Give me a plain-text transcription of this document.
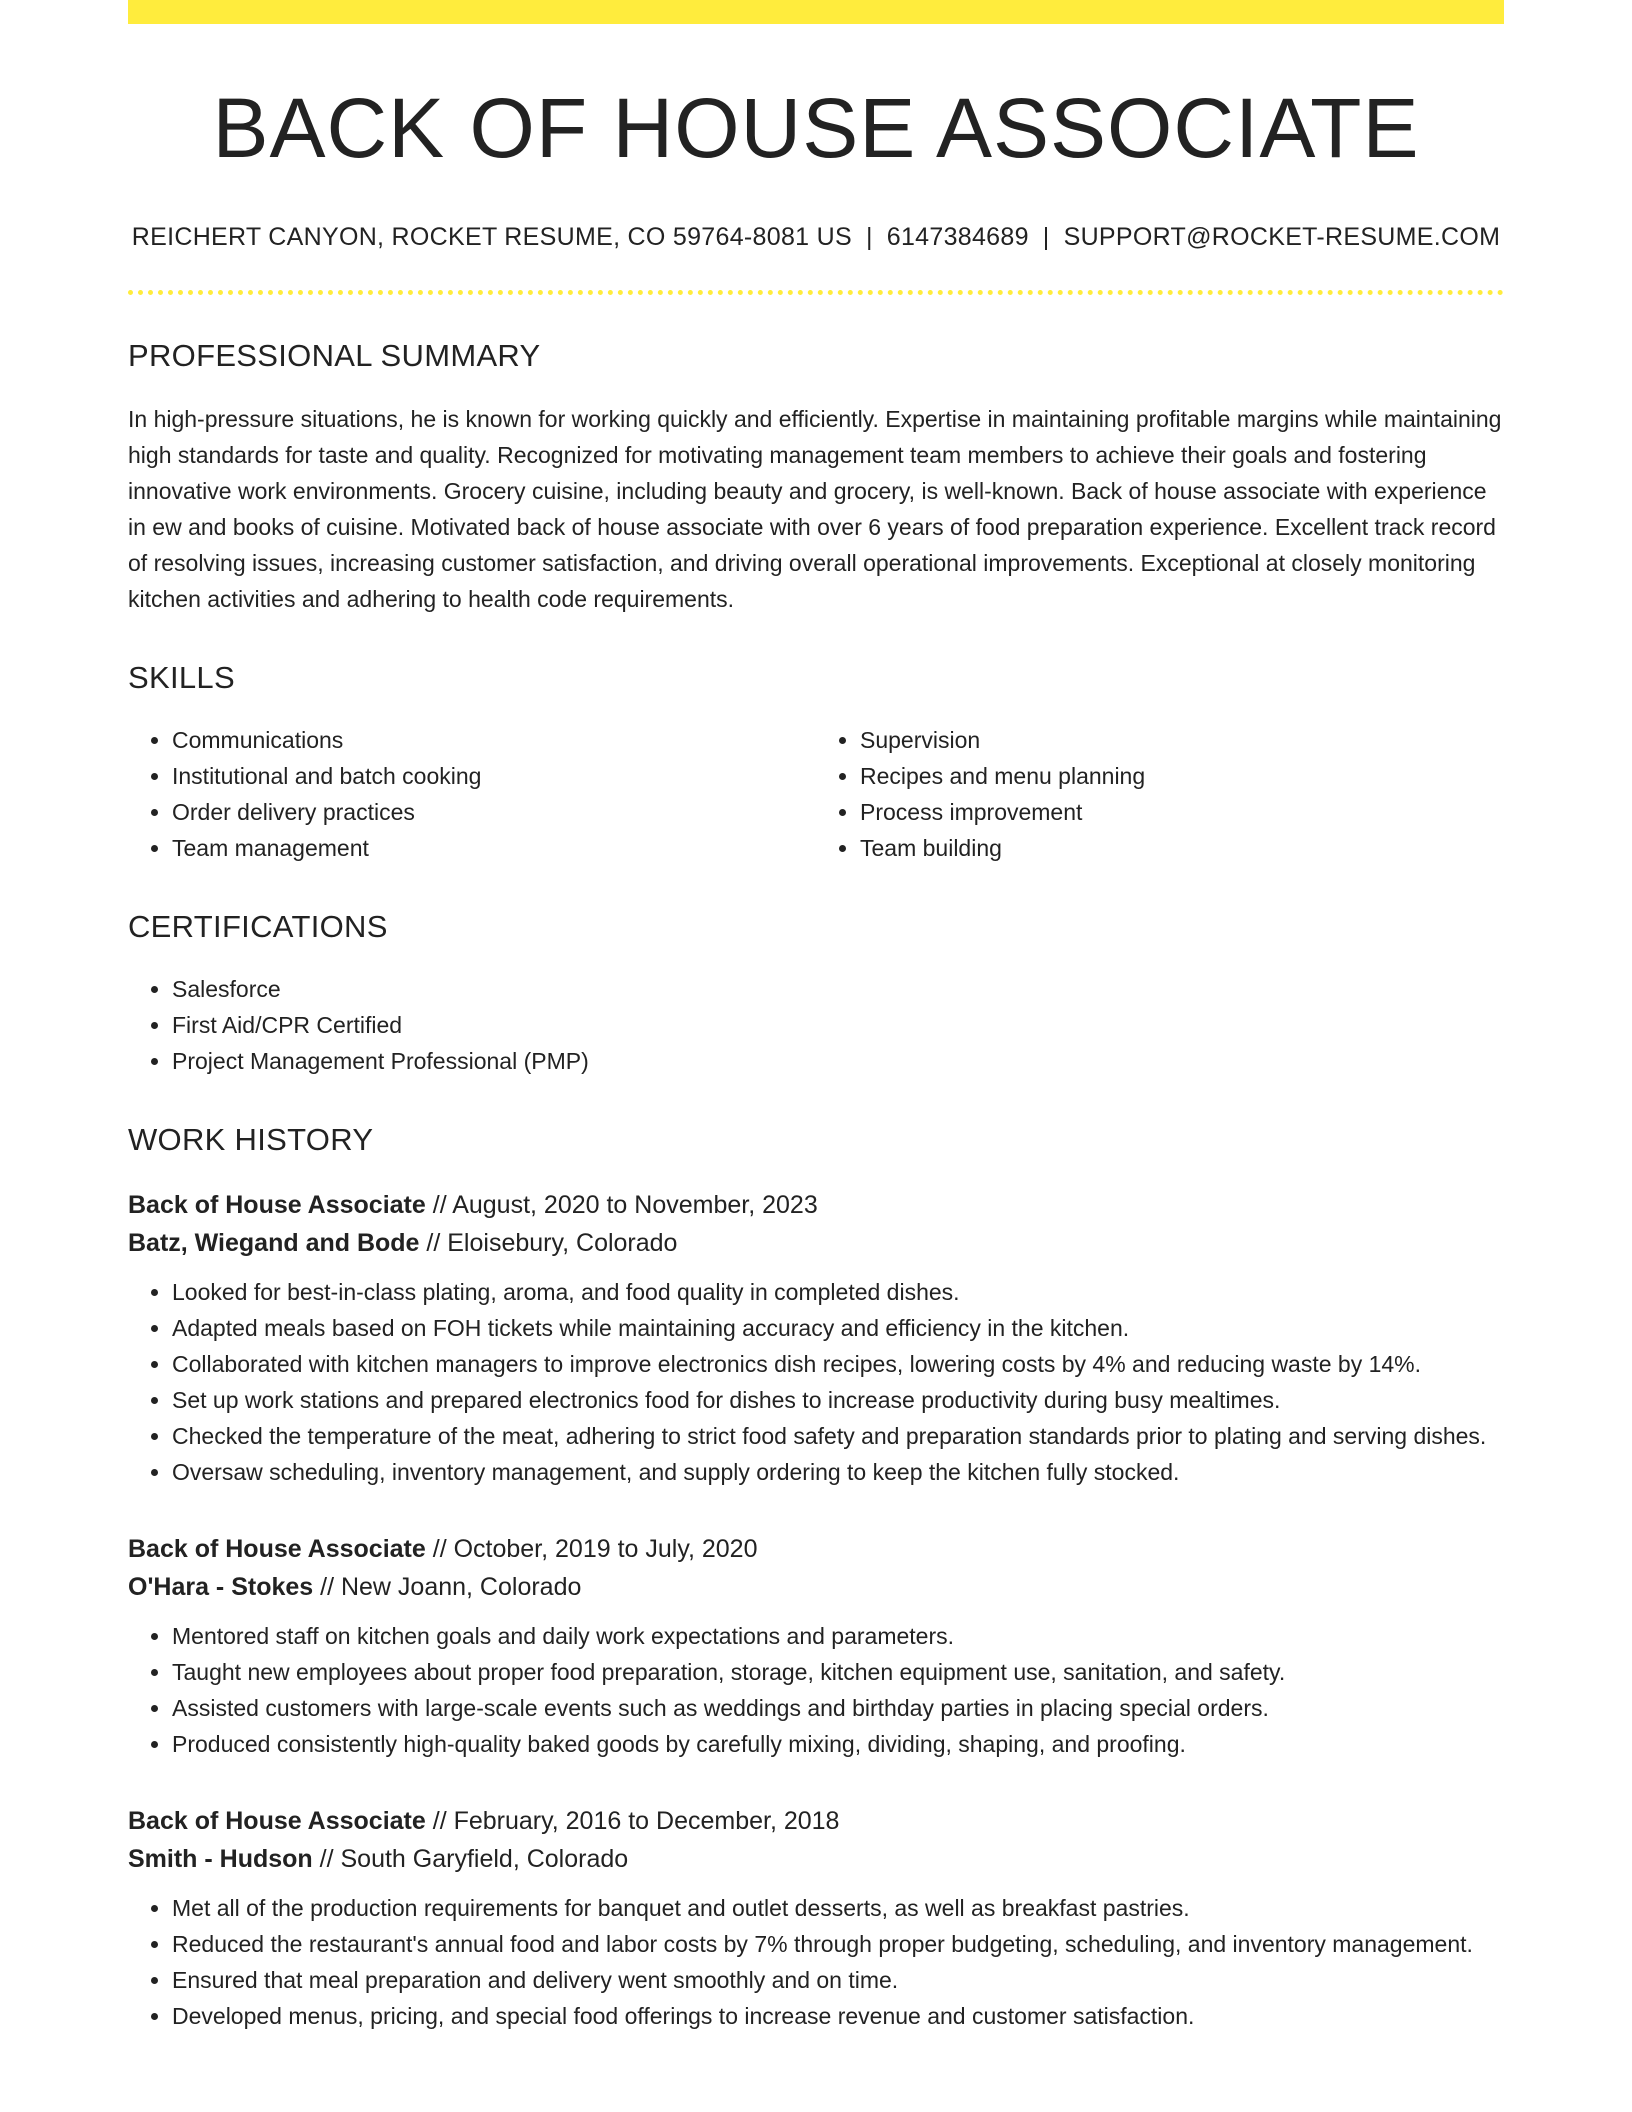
BACK OF HOUSE ASSOCIATE
REICHERT CANYON, ROCKET RESUME, CO 59764-8081 US | 6147384689 | SUPPORT@ROCKET-RESUME.COM
PROFESSIONAL SUMMARY

In high-pressure situations, he is known for working quickly and efficiently. Expertise in maintaining profitable margins while maintaining high standards for taste and quality. Recognized for motivating management team members to achieve their goals and fostering innovative work environments. Grocery cuisine, including beauty and grocery, is well-known. Back of house associate with experience in ew and books of cuisine. Motivated back of house associate with over 6 years of food preparation experience. Excellent track record of resolving issues, increasing customer satisfaction, and driving overall operational improvements. Exceptional at closely monitoring kitchen activities and adhering to health code requirements.

SKILLS
• Communications
• Institutional and batch cooking
• Order delivery practices
• Team management
• Supervision
• Recipes and menu planning
• Process improvement
• Team building
CERTIFICATIONS
• Salesforce
• First Aid/CPR Certified
• Project Management Professional (PMP)
WORK HISTORY
Back of House Associate // August, 2020 to November, 2023
Batz, Wiegand and Bode // Eloisebury, Colorado
• Looked for best-in-class plating, aroma, and food quality in completed dishes.
• Adapted meals based on FOH tickets while maintaining accuracy and efficiency in the kitchen.
• Collaborated with kitchen managers to improve electronics dish recipes, lowering costs by 4% and reducing waste by 14%.
• Set up work stations and prepared electronics food for dishes to increase productivity during busy mealtimes.
• Checked the temperature of the meat, adhering to strict food safety and preparation standards prior to plating and serving dishes.
• Oversaw scheduling, inventory management, and supply ordering to keep the kitchen fully stocked.
Back of House Associate // October, 2019 to July, 2020
O'Hara - Stokes // New Joann, Colorado
• Mentored staff on kitchen goals and daily work expectations and parameters.
• Taught new employees about proper food preparation, storage, kitchen equipment use, sanitation, and safety.
• Assisted customers with large-scale events such as weddings and birthday parties in placing special orders.
• Produced consistently high-quality baked goods by carefully mixing, dividing, shaping, and proofing.
Back of House Associate // February, 2016 to December, 2018
Smith - Hudson // South Garyfield, Colorado
• Met all of the production requirements for banquet and outlet desserts, as well as breakfast pastries.
• Reduced the restaurant's annual food and labor costs by 7% through proper budgeting, scheduling, and inventory management.
• Ensured that meal preparation and delivery went smoothly and on time.
• Developed menus, pricing, and special food offerings to increase revenue and customer satisfaction.
